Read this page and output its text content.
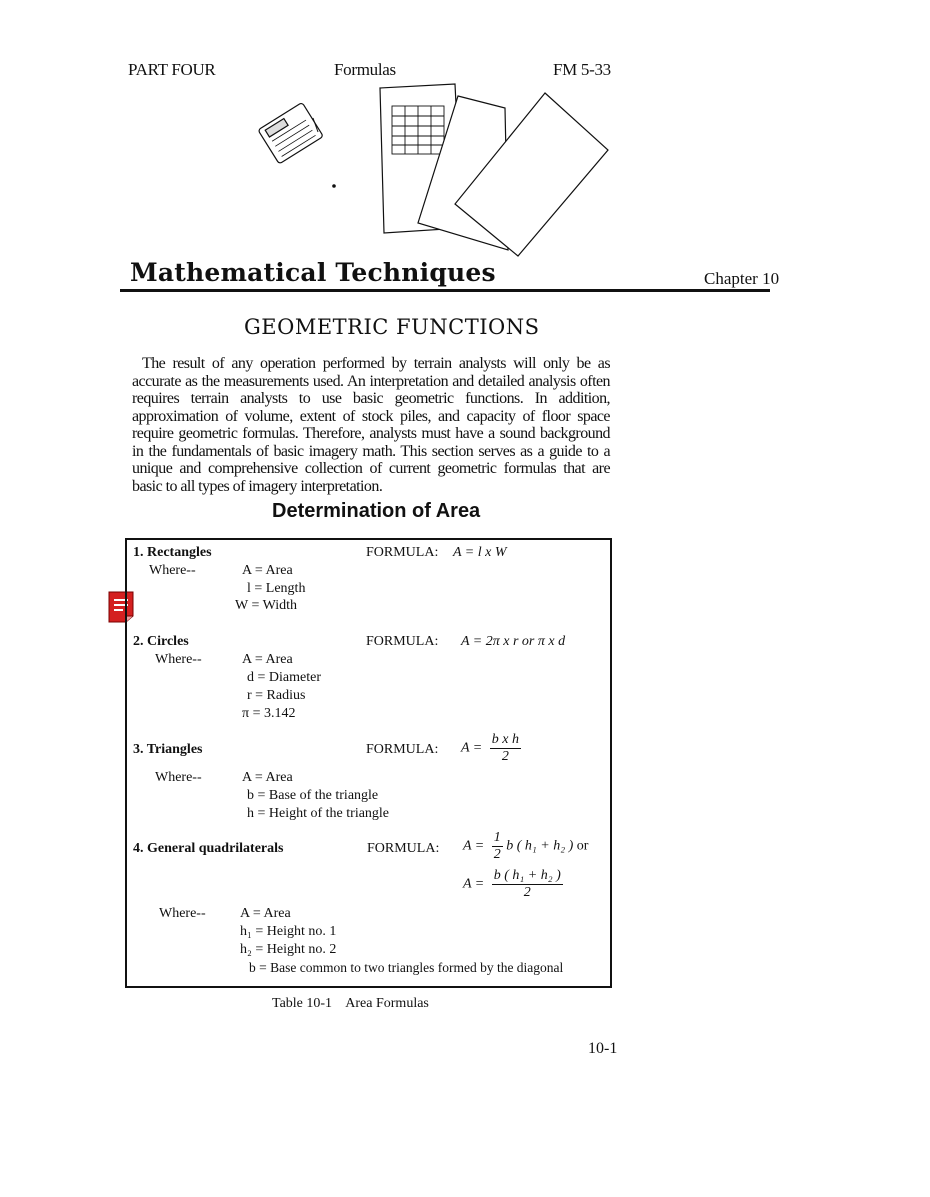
PART FOUR	Formulas	FM 5-33
Mathematical Techniques	Chapter 10
GEOMETRIC FUNCTIONS
The result of any operation performed by terrain analysts will only be as accurate as the measurements used. An interpretation and detailed analysis often requires terrain analysts to use basic geometric functions. In addition, approximation of volume, extent of stock piles, and capacity of floor space require geometric formulas. Therefore, analysts must have a sound background in the fundamentals of basic imagery math. This section serves as a guide to a unique and comprehensive collection of current geometric formulas that are basic to all types of imagery interpretation.
Determination of Area
1. Rectangles	FORMULA: A = l x W
Where--	A = Area
l = Length
W = Width
2. Circles	FORMULA: A = 2π x r or π x d
Where--	A = Area
d = Diameter
r = Radius
π = 3.142
3. Triangles	FORMULA: $A = \frac{\text{b x h}}{2}$
Where--	A = Area
b = Base of the triangle
h = Height of the triangle
4. General quadrilaterals	FORMULA: $A = \frac{1}{2}$ b ( h₁ + h₂ ) or
$A = \frac{\text{b ( h₁ + h₂ )}}{2}$
Where-- A = Area
h₁ = Height no. 1
h₂ = Height no. 2
b = Base common to two triangles formed by the diagonal
Table 10-1    Area Formulas
10-1
